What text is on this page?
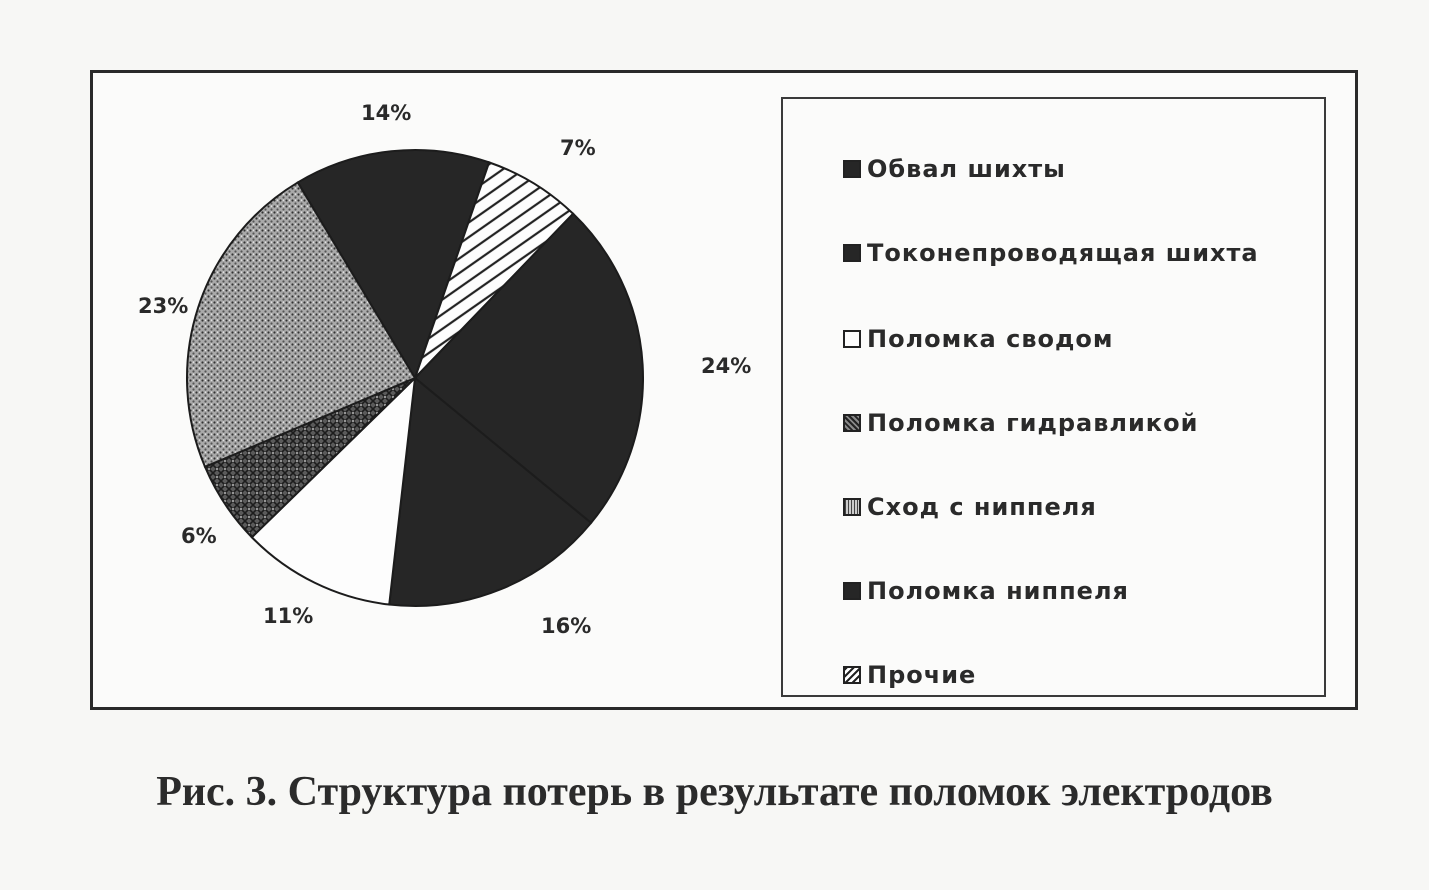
14%
7%
24%
16%
11%
6%
23%
Обвал шихты
Токонепроводящая шихта
Поломка сводом
Поломка гидравликой
Сход с ниппеля
Поломка ниппеля
Прочие
Рис. 3. Структура потерь в результате поломок электродов
